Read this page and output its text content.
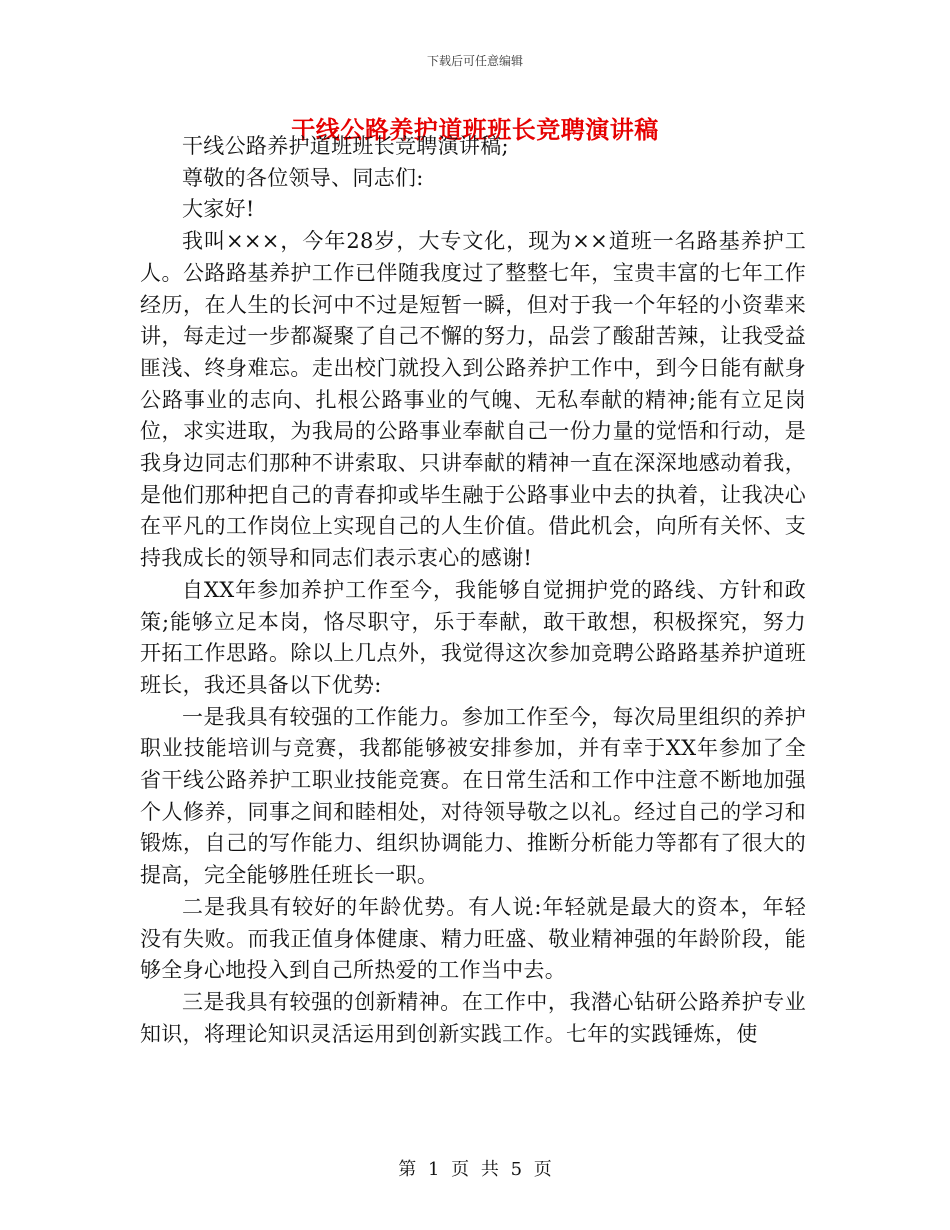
下载后可任意编辑
干线公路养护道班班长竞聘演讲稿

干线公路养护道班班长竞聘演讲稿;

尊敬的各位领导、同志们:

大家好!

我叫×××，今年28岁，大专文化，现为××道班一名路基养护工人。公路路基养护工作已伴随我度过了整整七年，宝贵丰富的七年工作经历，在人生的长河中不过是短暂一瞬，但对于我一个年轻的小资辈来讲，每走过一步都凝聚了自己不懈的努力，品尝了酸甜苦辣，让我受益匪浅、终身难忘。走出校门就投入到公路养护工作中，到今日能有献身公路事业的志向、扎根公路事业的气魄、无私奉献的精神;能有立足岗位，求实进取，为我局的公路事业奉献自己一份力量的觉悟和行动，是我身边同志们那种不讲索取、只讲奉献的精神一直在深深地感动着我，是他们那种把自己的青春抑或毕生融于公路事业中去的执着，让我决心在平凡的工作岗位上实现自己的人生价值。借此机会，向所有关怀、支持我成长的领导和同志们表示衷心的感谢!

自XX年参加养护工作至今，我能够自觉拥护党的路线、方针和政策;能够立足本岗，恪尽职守，乐于奉献，敢干敢想，积极探究，努力开拓工作思路。除以上几点外，我觉得这次参加竞聘公路路基养护道班班长，我还具备以下优势:

一是我具有较强的工作能力。参加工作至今，每次局里组织的养护职业技能培训与竞赛，我都能够被安排参加，并有幸于XX年参加了全省干线公路养护工职业技能竞赛。在日常生活和工作中注意不断地加强个人修养，同事之间和睦相处，对待领导敬之以礼。经过自己的学习和锻炼，自己的写作能力、组织协调能力、推断分析能力等都有了很大的提高，完全能够胜任班长一职。

二是我具有较好的年龄优势。有人说:年轻就是最大的资本，年轻没有失败。而我正值身体健康、精力旺盛、敬业精神强的年龄阶段，能够全身心地投入到自己所热爱的工作当中去。

三是我具有较强的创新精神。在工作中，我潜心钻研公路养护专业知识，将理论知识灵活运用到创新实践工作。七年的实践锤炼，使

第 1 页 共 5 页
